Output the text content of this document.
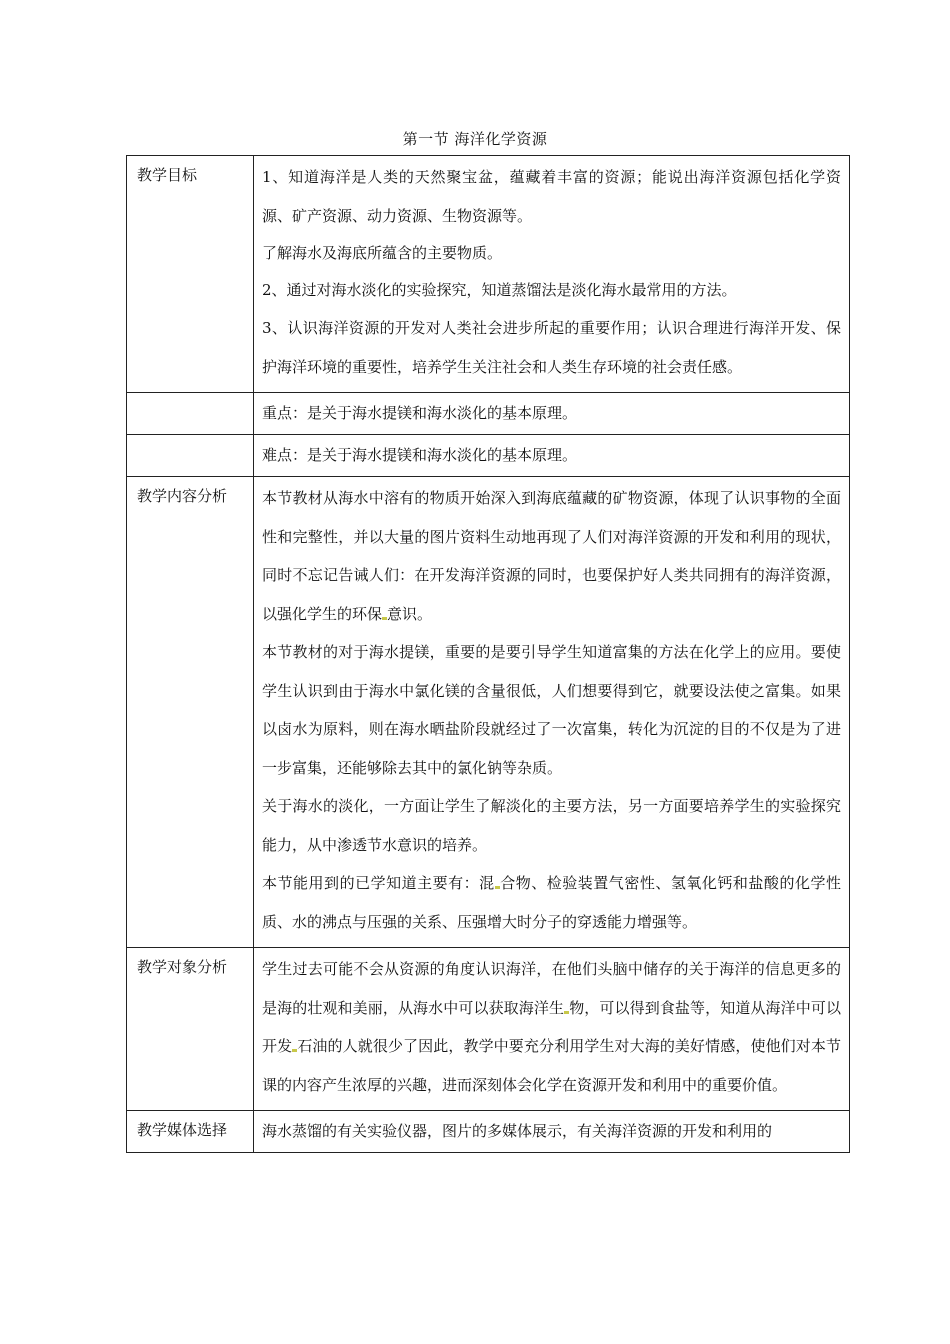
第一节 海洋化学资源
教学目标	1、知道海洋是人类的天然聚宝盆，蕴藏着丰富的资源；能说出海洋资源包括化学资源、矿产资源、动力资源、生物资源等。

了解海水及海底所蕴含的主要物质。

2、通过对海水淡化的实验探究，知道蒸馏法是淡化海水最常用的方法。

3、认识海洋资源的开发对人类社会进步所起的重要作用；认识合理进行海洋开发、保护海洋环境的重要性，培养学生关注社会和人类生存环境的社会责任感。

	重点：是关于海水提镁和海水淡化的基本原理。
	难点：是关于海水提镁和海水淡化的基本原理。
教学内容分析	本节教材从海水中溶有的物质开始深入到海底蕴藏的矿物资源，体现了认识事物的全面性和完整性，并以大量的图片资料生动地再现了人们对海洋资源的开发和利用的现状，同时不忘记告诫人们：在开发海洋资源的同时，也要保护好人类共同拥有的海洋资源，以强化学生的环保 意识。

本节教材的对于海水提镁，重要的是要引导学生知道富集的方法在化学上的应用。要使学生认识到由于海水中氯化镁的含量很低，人们想要得到它，就要设法使之富集。如果以卤水为原料，则在海水晒盐阶段就经过了一次富集，转化为沉淀的目的不仅是为了进一步富集，还能够除去其中的氯化钠等杂质。

关于海水的淡化，一方面让学生了解淡化的主要方法，另一方面要培养学生的实验探究能力，从中渗透节水意识的培养。

本节能用到的已学知道主要有：混 合物、检验装置气密性、氢氧化钙和盐酸的化学性质、水的沸点与压强的关系、压强增大时分子的穿透能力增强等。

教学对象分析	学生过去可能不会从资源的角度认识海洋，在他们头脑中储存的关于海洋的信息更多的是海的壮观和美丽，从海水中可以获取海洋生 物，可以得到食盐等，知道从海洋中可以开发 石油的人就很少了因此，教学中要充分利用学生对大海的美好情感，使他们对本节课的内容产生浓厚的兴趣，进而深刻体会化学在资源开发和利用中的重要价值。

教学媒体选择	海水蒸馏的有关实验仪器，图片的多媒体展示，有关海洋资源的开发和利用的
